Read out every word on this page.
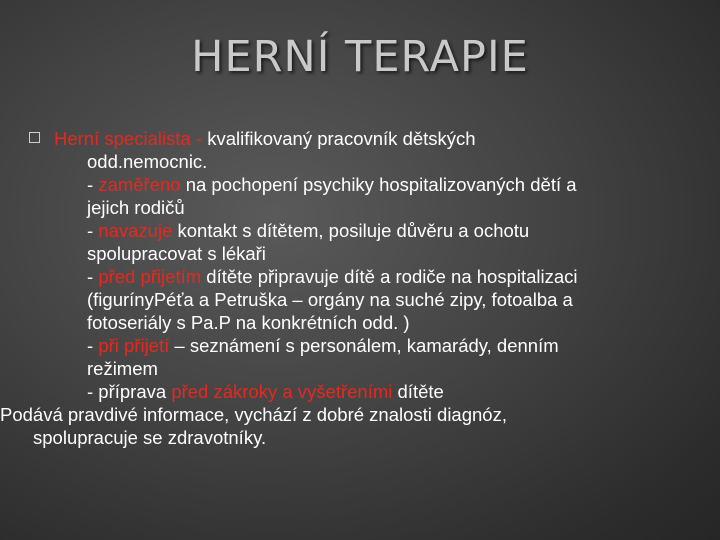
HERNÍ TERAPIE
Herní specialista - kvalifikovaný pracovník dětských
odd.nemocnic.
- zaměřeno na pochopení psychiky hospitalizovaných dětí a
jejich rodičů
- navazuje kontakt s dítětem, posiluje důvěru a ochotu
spolupracovat s lékaři
- před přijetím dítěte připravuje dítě a rodiče na hospitalizaci
(figurínyPéťa a Petruška – orgány na suché zipy, fotoalba a
fotoseriály s Pa.P na konkrétních odd. )
- při přijetí – seznámení s personálem, kamarády, denním
režimem
- příprava před zákroky a vyšetřeními dítěte
Podává pravdivé informace, vychází z dobré znalosti diagnóz,
spolupracuje se zdravotníky.
